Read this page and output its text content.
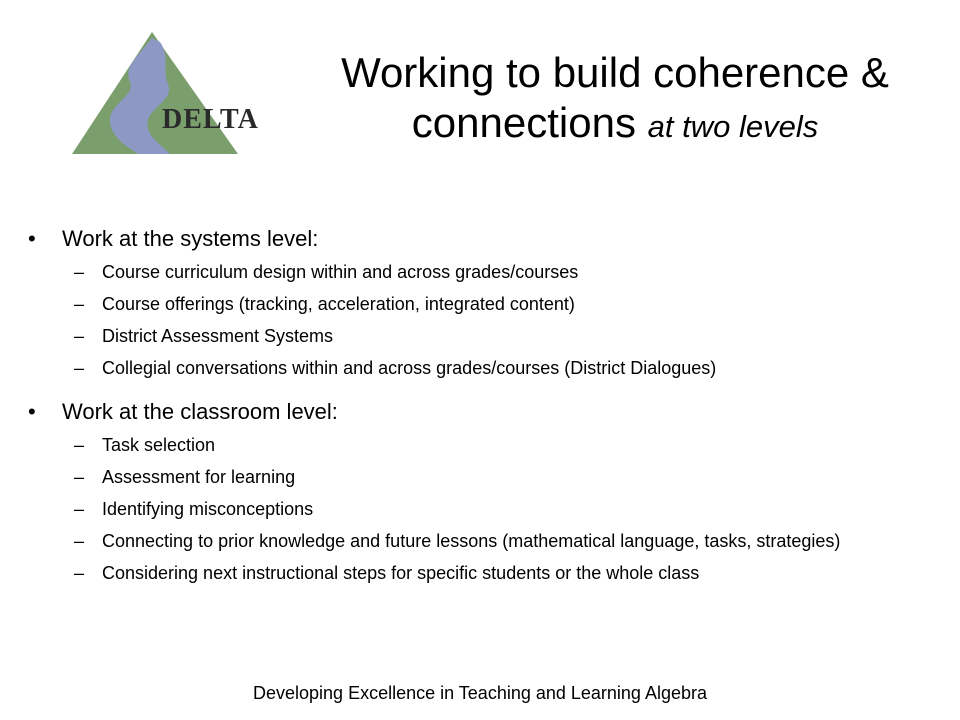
DELTA
Working to build coherence & connections at two levels
•	Work at the systems level:
– Course curriculum design within and across grades/courses
– Course offerings (tracking, acceleration, integrated content)
– District Assessment Systems
– Collegial conversations within and across grades/courses (District Dialogues)
•	Work at the classroom level:
– Task selection
– Assessment for learning
– Identifying misconceptions
– Connecting to prior knowledge and future lessons (mathematical language, tasks, strategies)
– Considering next instructional steps for specific students or the whole class
Developing Excellence in Teaching and Learning Algebra
